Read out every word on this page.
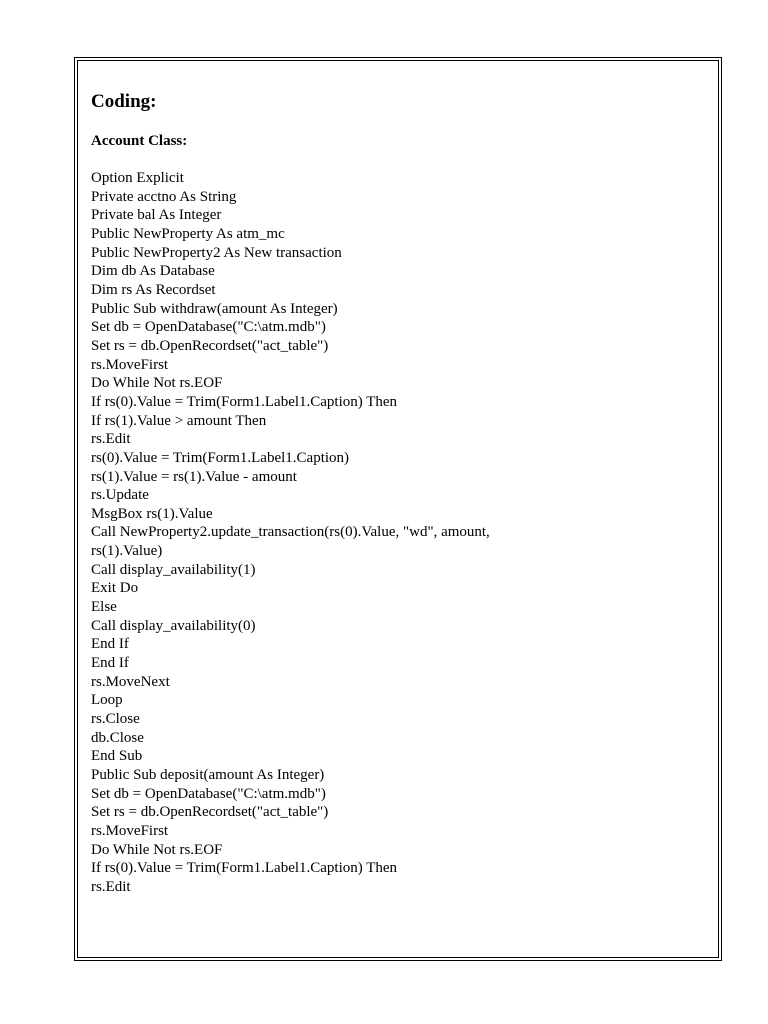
Coding:
Account Class:
Option Explicit
Private acctno As String
Private bal As Integer
Public NewProperty As atm_mc
Public NewProperty2 As New transaction
Dim db As Database
Dim rs As Recordset
Public Sub withdraw(amount As Integer)
Set db = OpenDatabase("C:\atm.mdb")
Set rs = db.OpenRecordset("act_table")
rs.MoveFirst
Do While Not rs.EOF
If rs(0).Value = Trim(Form1.Label1.Caption) Then
If rs(1).Value > amount Then
rs.Edit
rs(0).Value = Trim(Form1.Label1.Caption)
rs(1).Value = rs(1).Value - amount
rs.Update
MsgBox rs(1).Value
Call NewProperty2.update_transaction(rs(0).Value, "wd", amount,
rs(1).Value)
Call display_availability(1)
Exit Do
Else
Call display_availability(0)
End If
End If
rs.MoveNext
Loop
rs.Close
db.Close
End Sub
Public Sub deposit(amount As Integer)
Set db = OpenDatabase("C:\atm.mdb")
Set rs = db.OpenRecordset("act_table")
rs.MoveFirst
Do While Not rs.EOF
If rs(0).Value = Trim(Form1.Label1.Caption) Then
rs.Edit
